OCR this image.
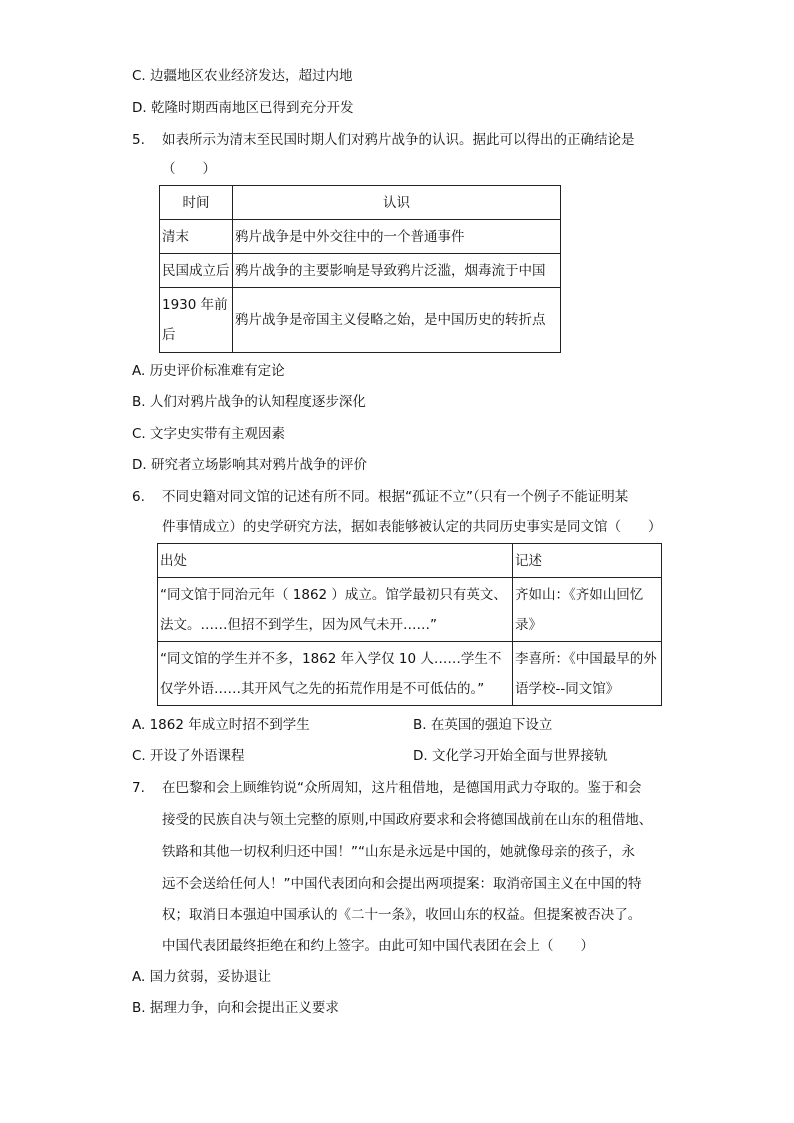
C. 边疆地区农业经济发达，超过内地
D. 乾隆时期西南地区已得到充分开发
5. 如表所示为清末至民国时期人们对鸦片战争的认识。据此可以得出的正确结论是
（　　）
时间	认识
清末	鸦片战争是中外交往中的一个普通事件
民国成立后	鸦片战争的主要影响是导致鸦片泛滥，烟毒流于中国
1930 年前后	鸦片战争是帝国主义侵略之始，是中国历史的转折点
A. 历史评价标准难有定论
B. 人们对鸦片战争的认知程度逐步深化
C. 文字史实带有主观因素
D. 研究者立场影响其对鸦片战争的评价
6. 不同史籍对同文馆的记述有所不同。根据“孤证不立”（只有一个例子不能证明某
件事情成立）的史学研究方法，据如表能够被认定的共同历史事实是同文馆（　　）
出处	记述
“同文馆于同治元年（ 1862 ）成立。馆学最初只有英文、法文。……但招不到学生，因为风气未开……”	齐如山：《齐如山回忆录》
“同文馆的学生并不多，1862 年入学仅 10 人……学生不仅学外语……其开风气之先的拓荒作用是不可低估的。”	李喜所：《中国最早的外语学校--同文馆》
A. 1862 年成立时招不到学生	B. 在英国的强迫下设立
C. 开设了外语课程	D. 文化学习开始全面与世界接轨
7. 在巴黎和会上顾维钧说“众所周知，这片租借地，是德国用武力夺取的。鉴于和会
接受的民族自决与领土完整的原则,中国政府要求和会将德国战前在山东的租借地、
铁路和其他一切权利归还中国！”“山东是永远是中国的，她就像母亲的孩子，永
远不会送给任何人！”中国代表团向和会提出两项提案：取消帝国主义在中国的特
权；取消日本强迫中国承认的《二十一条》，收回山东的权益。但提案被否决了。
中国代表团最终拒绝在和约上签字。由此可知中国代表团在会上（　　）
A. 国力贫弱，妥协退让
B. 据理力争，向和会提出正义要求
